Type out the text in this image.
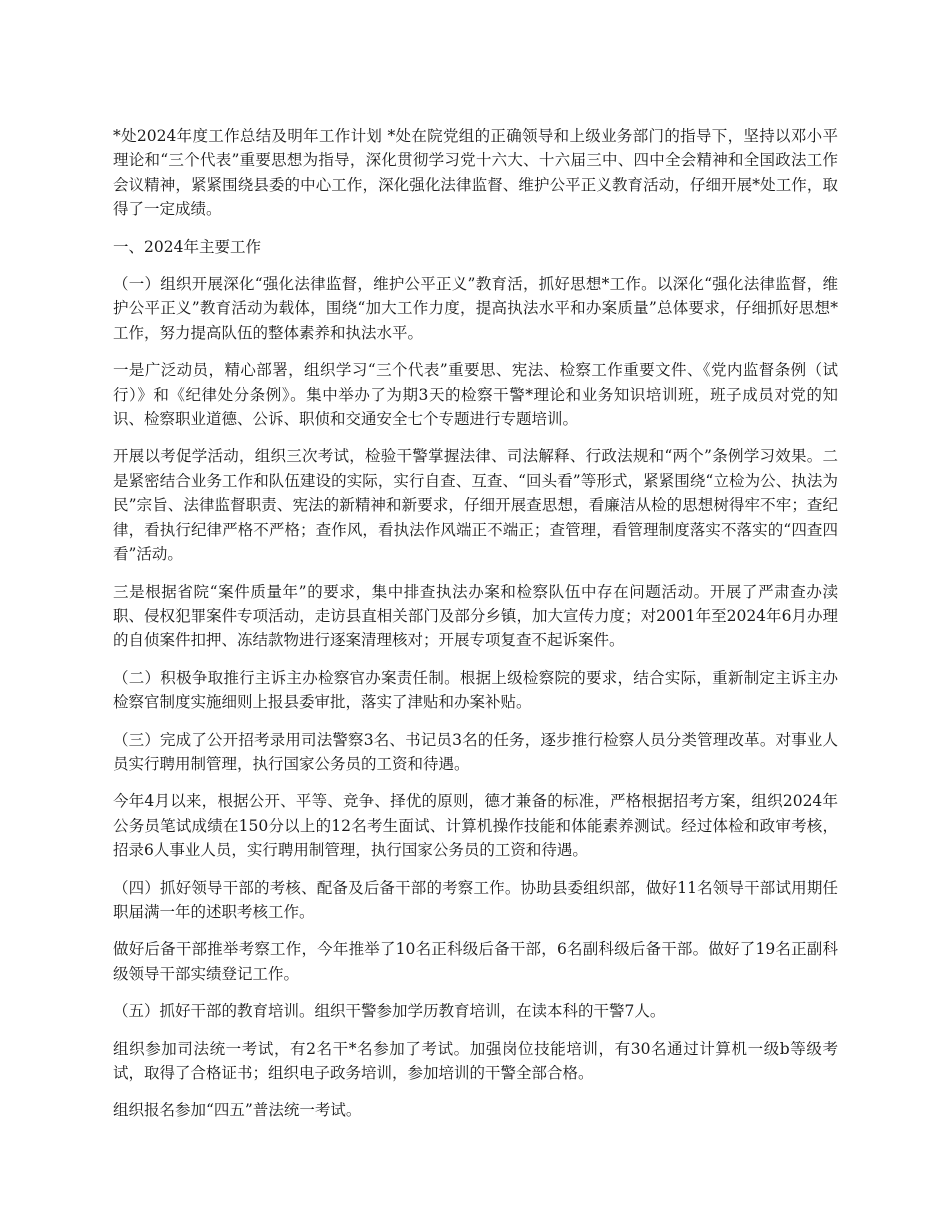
*处2024年度工作总结及明年工作计划 *处在院党组的正确领导和上级业务部门的指导下，坚持以邓小平理论和“三个代表”重要思想为指导，深化贯彻学习党十六大、十六届三中、四中全会精神和全国政法工作会议精神，紧紧围绕县委的中心工作，深化强化法律监督、维护公平正义教育活动，仔细开展*处工作，取得了一定成绩。

一、2024年主要工作

（一）组织开展深化“强化法律监督，维护公平正义”教育活，抓好思想*工作。以深化“强化法律监督，维护公平正义”教育活动为载体，围绕“加大工作力度，提高执法水平和办案质量”总体要求，仔细抓好思想*工作，努力提高队伍的整体素养和执法水平。

一是广泛动员，精心部署，组织学习“三个代表”重要思、宪法、检察工作重要文件、《党内监督条例（试行）》和《纪律处分条例》。集中举办了为期3天的检察干警*理论和业务知识培训班，班子成员对党的知识、检察职业道德、公诉、职侦和交通安全七个专题进行专题培训。

开展以考促学活动，组织三次考试，检验干警掌握法律、司法解释、行政法规和“两个”条例学习效果。二是紧密结合业务工作和队伍建设的实际，实行自查、互查、“回头看”等形式，紧紧围绕“立检为公、执法为民”宗旨、法律监督职责、宪法的新精神和新要求，仔细开展查思想，看廉洁从检的思想树得牢不牢；查纪律，看执行纪律严格不严格；查作风，看执法作风端正不端正；查管理，看管理制度落实不落实的“四查四看”活动。

三是根据省院“案件质量年”的要求，集中排查执法办案和检察队伍中存在问题活动。开展了严肃查办渎职、侵权犯罪案件专项活动，走访县直相关部门及部分乡镇，加大宣传力度；对2001年至2024年6月办理的自侦案件扣押、冻结款物进行逐案清理核对；开展专项复查不起诉案件。

（二）积极争取推行主诉主办检察官办案责任制。根据上级检察院的要求，结合实际，重新制定主诉主办检察官制度实施细则上报县委审批，落实了津贴和办案补贴。

（三）完成了公开招考录用司法警察3名、书记员3名的任务，逐步推行检察人员分类管理改革。对事业人员实行聘用制管理，执行国家公务员的工资和待遇。

今年4月以来，根据公开、平等、竞争、择优的原则，德才兼备的标准，严格根据招考方案，组织2024年公务员笔试成绩在150分以上的12名考生面试、计算机操作技能和体能素养测试。经过体检和政审考核，招录6人事业人员，实行聘用制管理，执行国家公务员的工资和待遇。

（四）抓好领导干部的考核、配备及后备干部的考察工作。协助县委组织部，做好11名领导干部试用期任职届满一年的述职考核工作。

做好后备干部推举考察工作，今年推举了10名正科级后备干部，6名副科级后备干部。做好了19名正副科级领导干部实绩登记工作。

（五）抓好干部的教育培训。组织干警参加学历教育培训，在读本科的干警7人。

组织参加司法统一考试，有2名干*名参加了考试。加强岗位技能培训，有30名通过计算机一级b等级考试，取得了合格证书；组织电子政务培训，参加培训的干警全部合格。

组织报名参加“四五”普法统一考试。
